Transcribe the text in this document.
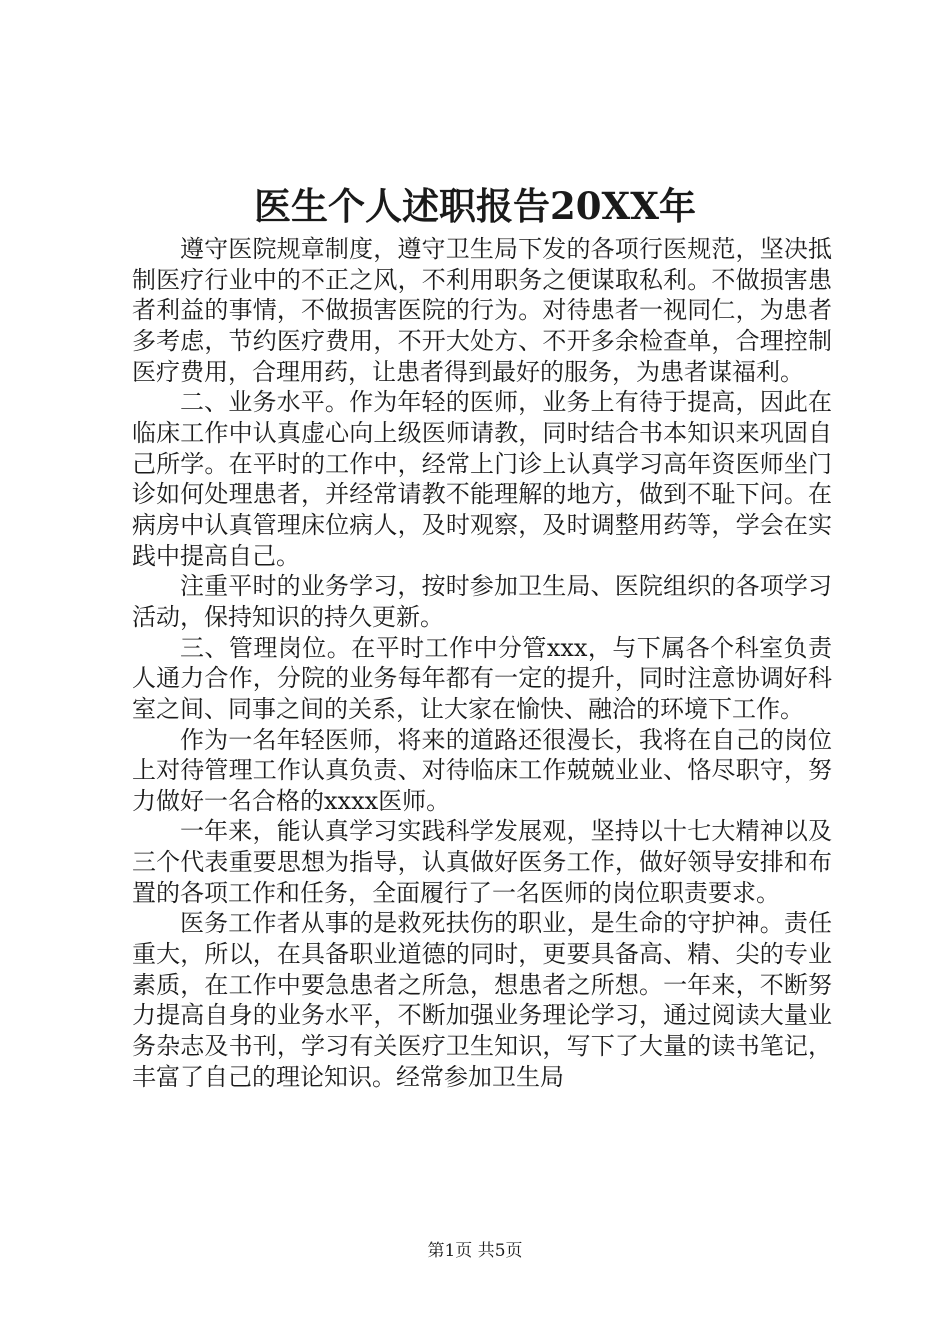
医生个人述职报告20XX年

遵守医院规章制度，遵守卫生局下发的各项行医规范，坚决抵制医疗行业中的不正之风，不利用职务之便谋取私利。不做损害患者利益的事情，不做损害医院的行为。对待患者一视同仁，为患者多考虑，节约医疗费用，不开大处方、不开多余检查单，合理控制医疗费用，合理用药，让患者得到最好的服务，为患者谋福利。

二、业务水平。作为年轻的医师，业务上有待于提高，因此在临床工作中认真虚心向上级医师请教，同时结合书本知识来巩固自己所学。在平时的工作中，经常上门诊上认真学习高年资医师坐门诊如何处理患者，并经常请教不能理解的地方，做到不耻下问。在病房中认真管理床位病人，及时观察，及时调整用药等，学会在实践中提高自己。

注重平时的业务学习，按时参加卫生局、医院组织的各项学习活动，保持知识的持久更新。

三、管理岗位。在平时工作中分管xxx，与下属各个科室负责人通力合作，分院的业务每年都有一定的提升，同时注意协调好科室之间、同事之间的关系，让大家在愉快、融洽的环境下工作。

作为一名年轻医师，将来的道路还很漫长，我将在自己的岗位上对待管理工作认真负责、对待临床工作兢兢业业、恪尽职守，努力做好一名合格的xxxx医师。

一年来，能认真学习实践科学发展观，坚持以十七大精神以及三个代表重要思想为指导，认真做好医务工作，做好领导安排和布置的各项工作和任务，全面履行了一名医师的岗位职责要求。

医务工作者从事的是救死扶伤的职业，是生命的守护神。责任重大，所以，在具备职业道德的同时，更要具备高、精、尖的专业素质，在工作中要急患者之所急，想患者之所想。一年来，不断努力提高自身的业务水平，不断加强业务理论学习，通过阅读大量业务杂志及书刊，学习有关医疗卫生知识，写下了大量的读书笔记，丰富了自己的理论知识。经常参加卫生局

第1页 共5页
